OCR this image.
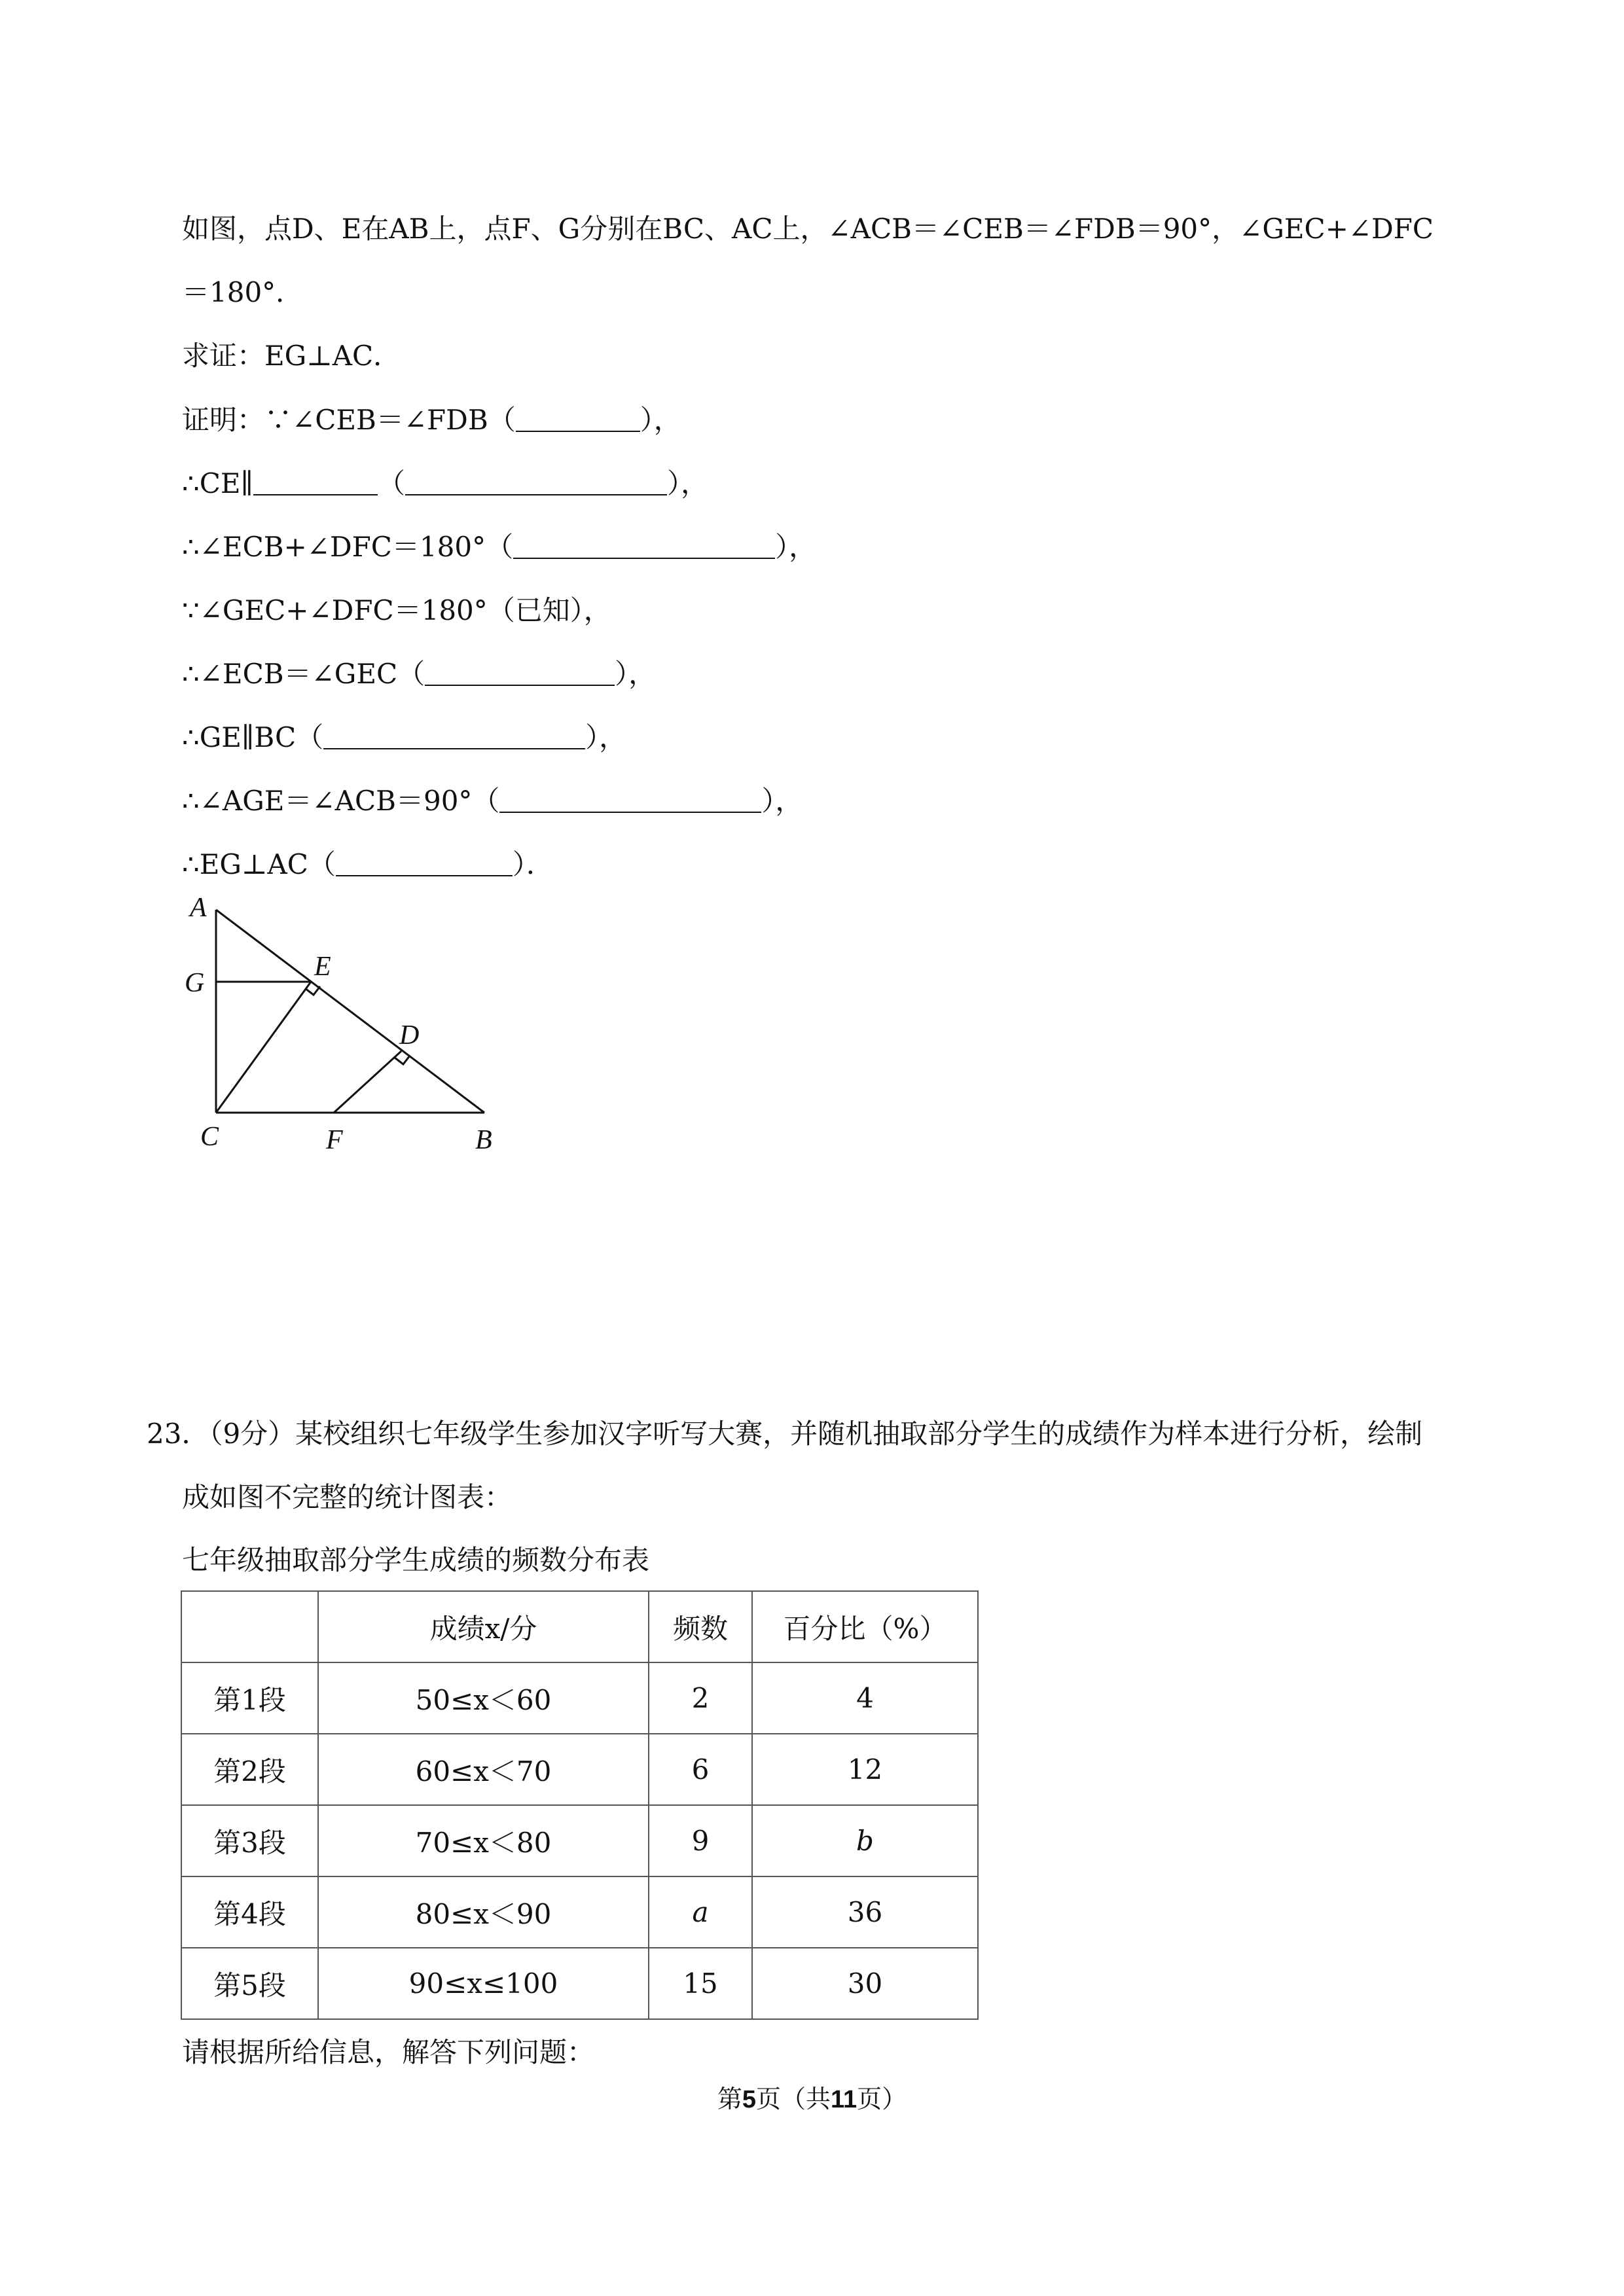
如图，点D、E在AB上，点F、G分别在BC、AC上，∠ACB＝∠CEB＝∠FDB＝90°，∠GEC+∠DFC
＝180°．
求证：EG⊥AC．
证明：∵∠CEB＝∠FDB（	），
∴CE∥	（	），
∴∠ECB+∠DFC＝180°（	），
∵∠GEC+∠DFC＝180°（已知），
∴∠ECB＝∠GEC（	），
∴GE∥BC（	），
∴∠AGE＝∠ACB＝90°（	），
∴EG⊥AC（	）．
A
G
E
D
C	F	B
23．（9分）某校组织七年级学生参加汉字听写大赛，并随机抽取部分学生的成绩作为样本进行分析，绘制
成如图不完整的统计图表：
七年级抽取部分学生成绩的频数分布表
	成绩x/分	频数	百分比（%）
第1段	50≤x＜60	2	4
第2段	60≤x＜70	6	12
第3段	70≤x＜80	9	b
第4段	80≤x＜90	a	36
第5段	90≤x≤100	15	30
请根据所给信息，解答下列问题：
第5页（共11页）
